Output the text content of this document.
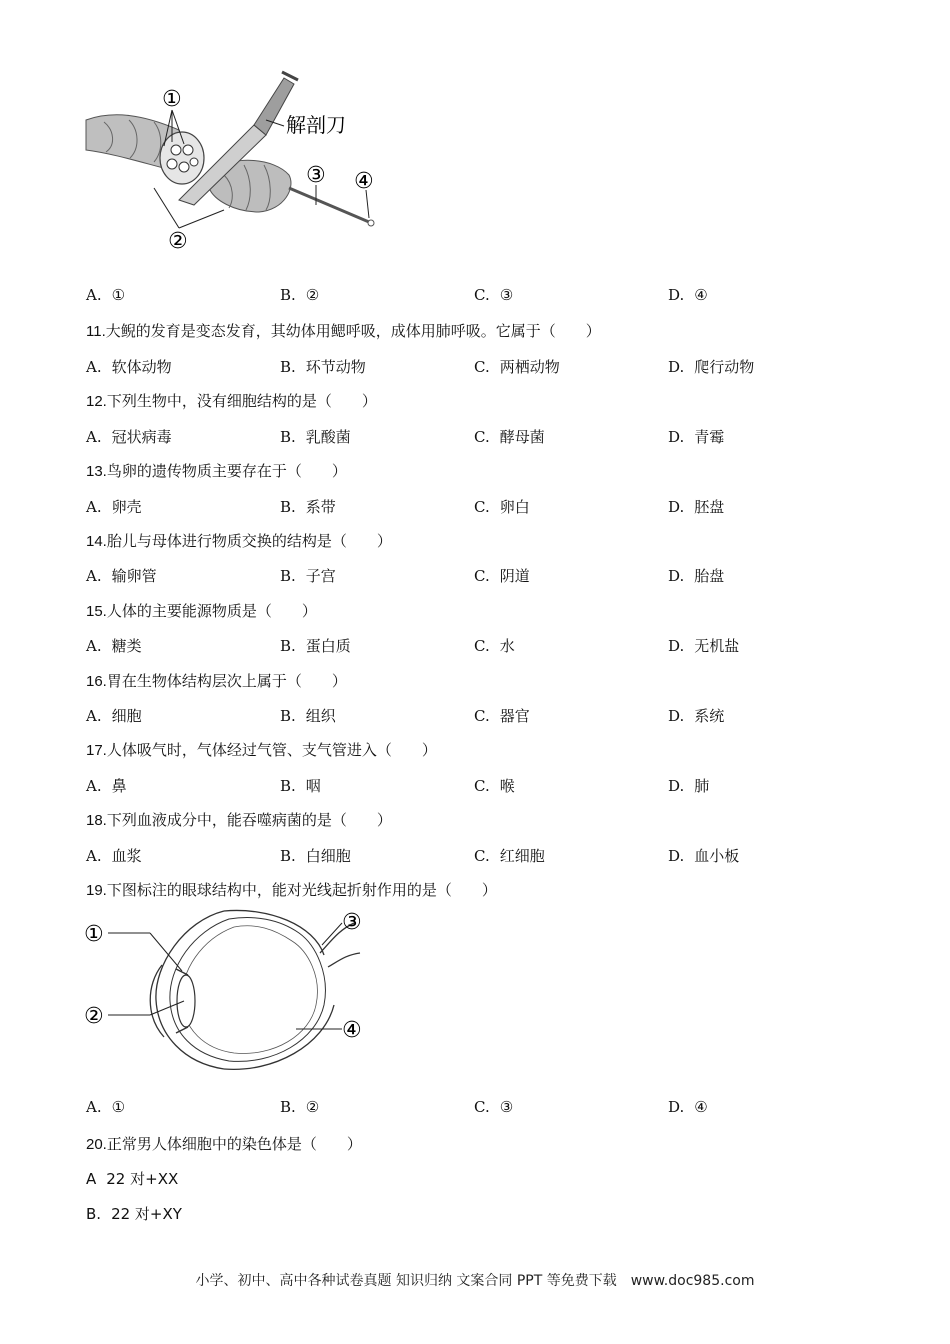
①
②
③ ④
解剖刀
A. ①	B. ②	C. ③	D. ④
11.大鲵的发育是变态发育，其幼体用鳃呼吸，成体用肺呼吸。它属于（　　）
A. 软体动物	B. 环节动物	C. 两栖动物	D. 爬行动物
12.下列生物中，没有细胞结构的是（　　）
A. 冠状病毒	B. 乳酸菌	C. 酵母菌	D. 青霉
13.鸟卵的遗传物质主要存在于（　　）
A. 卵壳	B. 系带	C. 卵白	D. 胚盘
14.胎儿与母体进行物质交换的结构是（　　）
A. 输卵管	B. 子宫	C. 阴道	D. 胎盘
15.人体的主要能源物质是（　　）
A. 糖类	B. 蛋白质	C. 水	D. 无机盐
16.胃在生物体结构层次上属于（　　）
A. 细胞	B. 组织	C. 器官	D. 系统
17.人体吸气时，气体经过气管、支气管进入（　　）
A. 鼻	B. 咽	C. 喉	D. 肺
18.下列血液成分中，能吞噬病菌的是（　　）
A. 血浆	B. 白细胞	C. 红细胞	D. 血小板
19.下图标注的眼球结构中，能对光线起折射作用的是（　　）
①
②
③
④
A. ①	B. ②	C. ③	D. ④
20.正常男人体细胞中的染色体是（　　）
A 22 对+XX
B. 22 对+XY
小学、初中、高中各种试卷真题 知识归纳 文案合同 PPT 等免费下载　www.doc985.com
